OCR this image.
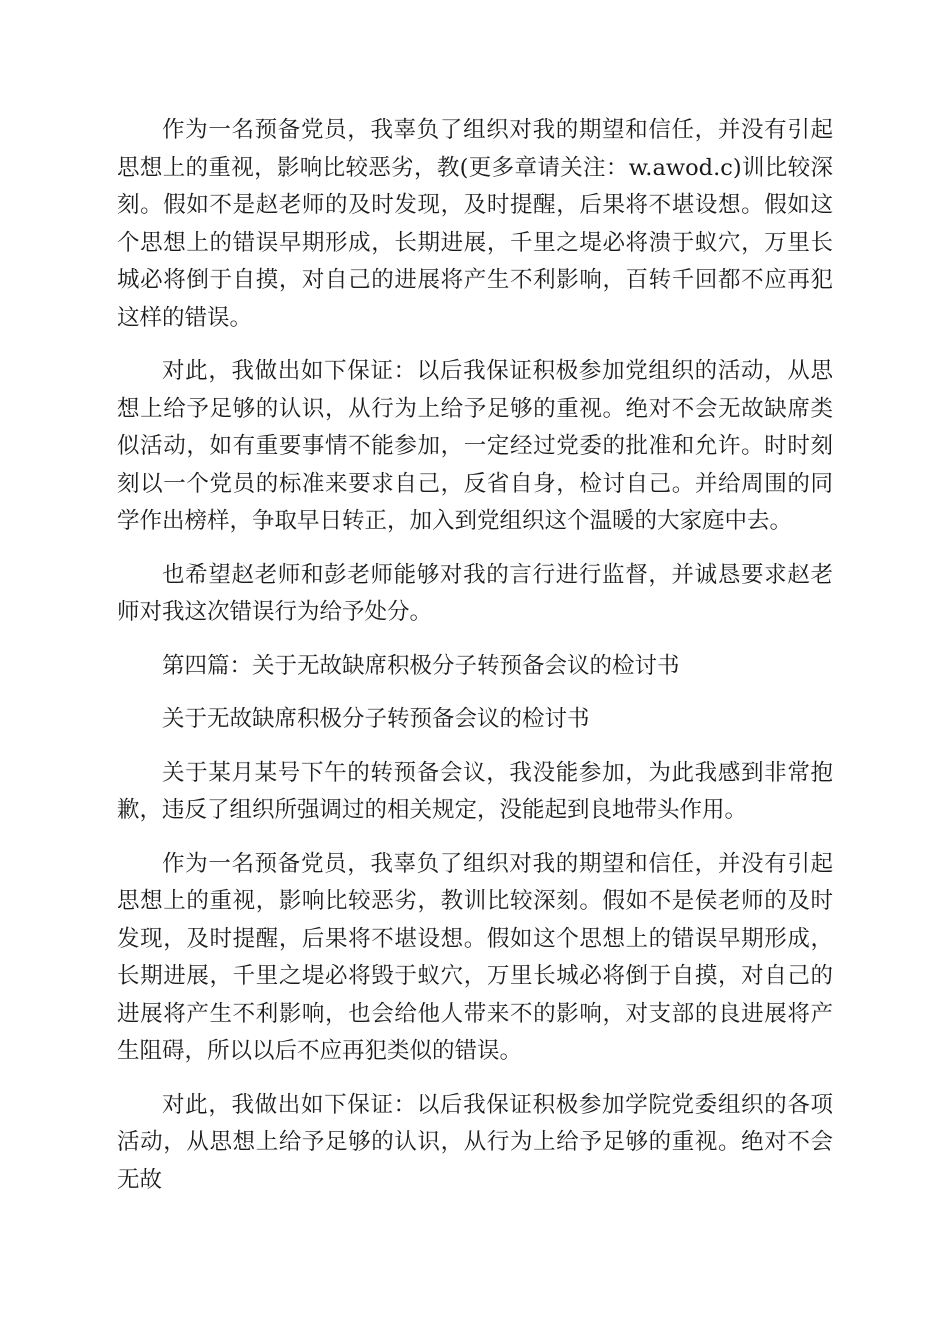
作为一名预备党员，我辜负了组织对我的期望和信任，并没有引起思想上的重视，影响比较恶劣，教(更多章请关注：w.awod.c)训比较深刻。假如不是赵老师的及时发现，及时提醒，后果将不堪设想。假如这个思想上的错误早期形成，长期进展，千里之堤必将溃于蚁穴，万里长城必将倒于自摸，对自己的进展将产生不利影响，百转千回都不应再犯这样的错误。

对此，我做出如下保证：以后我保证积极参加党组织的活动，从思想上给予足够的认识，从行为上给予足够的重视。绝对不会无故缺席类似活动，如有重要事情不能参加，一定经过党委的批准和允许。时时刻刻以一个党员的标准来要求自己，反省自身，检讨自己。并给周围的同学作出榜样，争取早日转正，加入到党组织这个温暖的大家庭中去。

也希望赵老师和彭老师能够对我的言行进行监督，并诚恳要求赵老师对我这次错误行为给予处分。

第四篇：关于无故缺席积极分子转预备会议的检讨书

关于无故缺席积极分子转预备会议的检讨书

关于某月某号下午的转预备会议，我没能参加，为此我感到非常抱歉，违反了组织所强调过的相关规定，没能起到良地带头作用。

作为一名预备党员，我辜负了组织对我的期望和信任，并没有引起思想上的重视，影响比较恶劣，教训比较深刻。假如不是侯老师的及时发现，及时提醒，后果将不堪设想。假如这个思想上的错误早期形成，长期进展，千里之堤必将毁于蚁穴，万里长城必将倒于自摸，对自己的进展将产生不利影响，也会给他人带来不的影响，对支部的良进展将产生阻碍，所以以后不应再犯类似的错误。

对此，我做出如下保证：以后我保证积极参加学院党委组织的各项活动，从思想上给予足够的认识，从行为上给予足够的重视。绝对不会无故
